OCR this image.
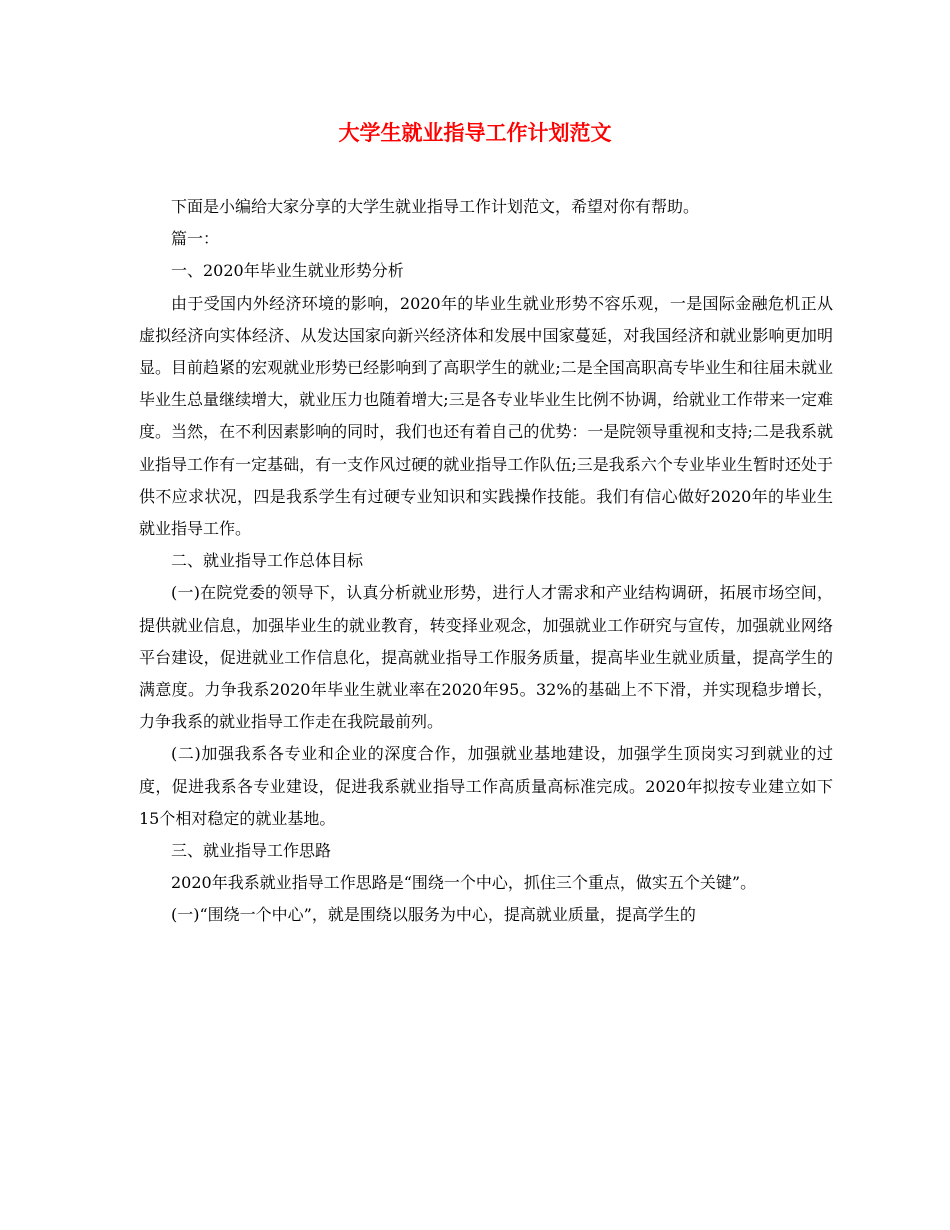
大学生就业指导工作计划范文

下面是小编给大家分享的大学生就业指导工作计划范文，希望对你有帮助。

篇一：

一、2020年毕业生就业形势分析

由于受国内外经济环境的影响，2020年的毕业生就业形势不容乐观，一是国际金融危机正从虚拟经济向实体经济、从发达国家向新兴经济体和发展中国家蔓延，对我国经济和就业影响更加明显。目前趋紧的宏观就业形势已经影响到了高职学生的就业;二是全国高职高专毕业生和往届未就业毕业生总量继续增大，就业压力也随着增大;三是各专业毕业生比例不协调，给就业工作带来一定难度。当然，在不利因素影响的同时，我们也还有着自己的优势：一是院领导重视和支持;二是我系就业指导工作有一定基础，有一支作风过硬的就业指导工作队伍;三是我系六个专业毕业生暂时还处于供不应求状况，四是我系学生有过硬专业知识和实践操作技能。我们有信心做好2020年的毕业生就业指导工作。

二、就业指导工作总体目标

(一)在院党委的领导下，认真分析就业形势，进行人才需求和产业结构调研，拓展市场空间，提供就业信息，加强毕业生的就业教育，转变择业观念，加强就业工作研究与宣传，加强就业网络平台建设，促进就业工作信息化，提高就业指导工作服务质量，提高毕业生就业质量，提高学生的满意度。力争我系2020年毕业生就业率在2020年95。32%的基础上不下滑，并实现稳步增长，力争我系的就业指导工作走在我院最前列。

(二)加强我系各专业和企业的深度合作，加强就业基地建设，加强学生顶岗实习到就业的过度，促进我系各专业建设，促进我系就业指导工作高质量高标准完成。2020年拟按专业建立如下15个相对稳定的就业基地。

三、就业指导工作思路

2020年我系就业指导工作思路是“围绕一个中心，抓住三个重点，做实五个关键”。

(一)“围绕一个中心”，就是围绕以服务为中心，提高就业质量，提高学生的
